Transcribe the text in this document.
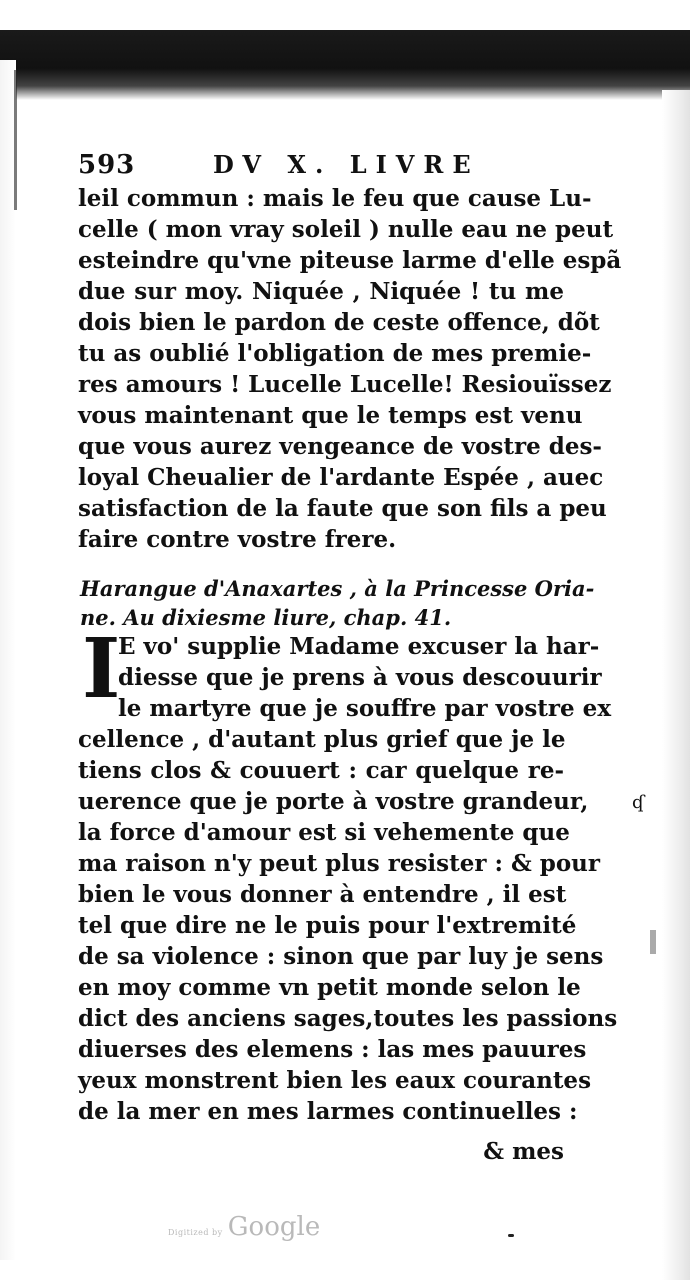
ʠ
593	DV X. LIVRE
leil commun : mais le feu que cause Lu-
celle ( mon vray soleil ) nulle eau ne peut
esteindre qu'vne piteuse larme d'elle espã
due sur moy. Niquée , Niquée ! tu me
dois bien le pardon de ceste offence, dõt
tu as oublié l'obligation de mes premie-
res amours ! Lucelle Lucelle! Resiouïssez
vous maintenant que le temps est venu
que vous aurez vengeance de vostre des-
loyal Cheualier de l'ardante Espée , auec
satisfaction de la faute que son fils a peu
faire contre vostre frere.
Harangue d'Anaxartes , à la Princesse Oria-
ne. Au dixiesme liure, chap. 41.
I
E vo' supplie Madame excuser la har-
diesse que je prens à vous descouurir
le martyre que je souffre par vostre ex
cellence , d'autant plus grief que je le
tiens clos & couuert : car quelque re-
uerence que je porte à vostre grandeur,
la force d'amour est si vehemente que
ma raison n'y peut plus resister : & pour
bien le vous donner à entendre , il est
tel que dire ne le puis pour l'extremité
de sa violence : sinon que par luy je sens
en moy comme vn petit monde selon le
dict des anciens sages,toutes les passions
diuerses des elemens : las mes pauures
yeux monstrent bien les eaux courantes
de la mer en mes larmes continuelles :
& mes
Digitized by Google
